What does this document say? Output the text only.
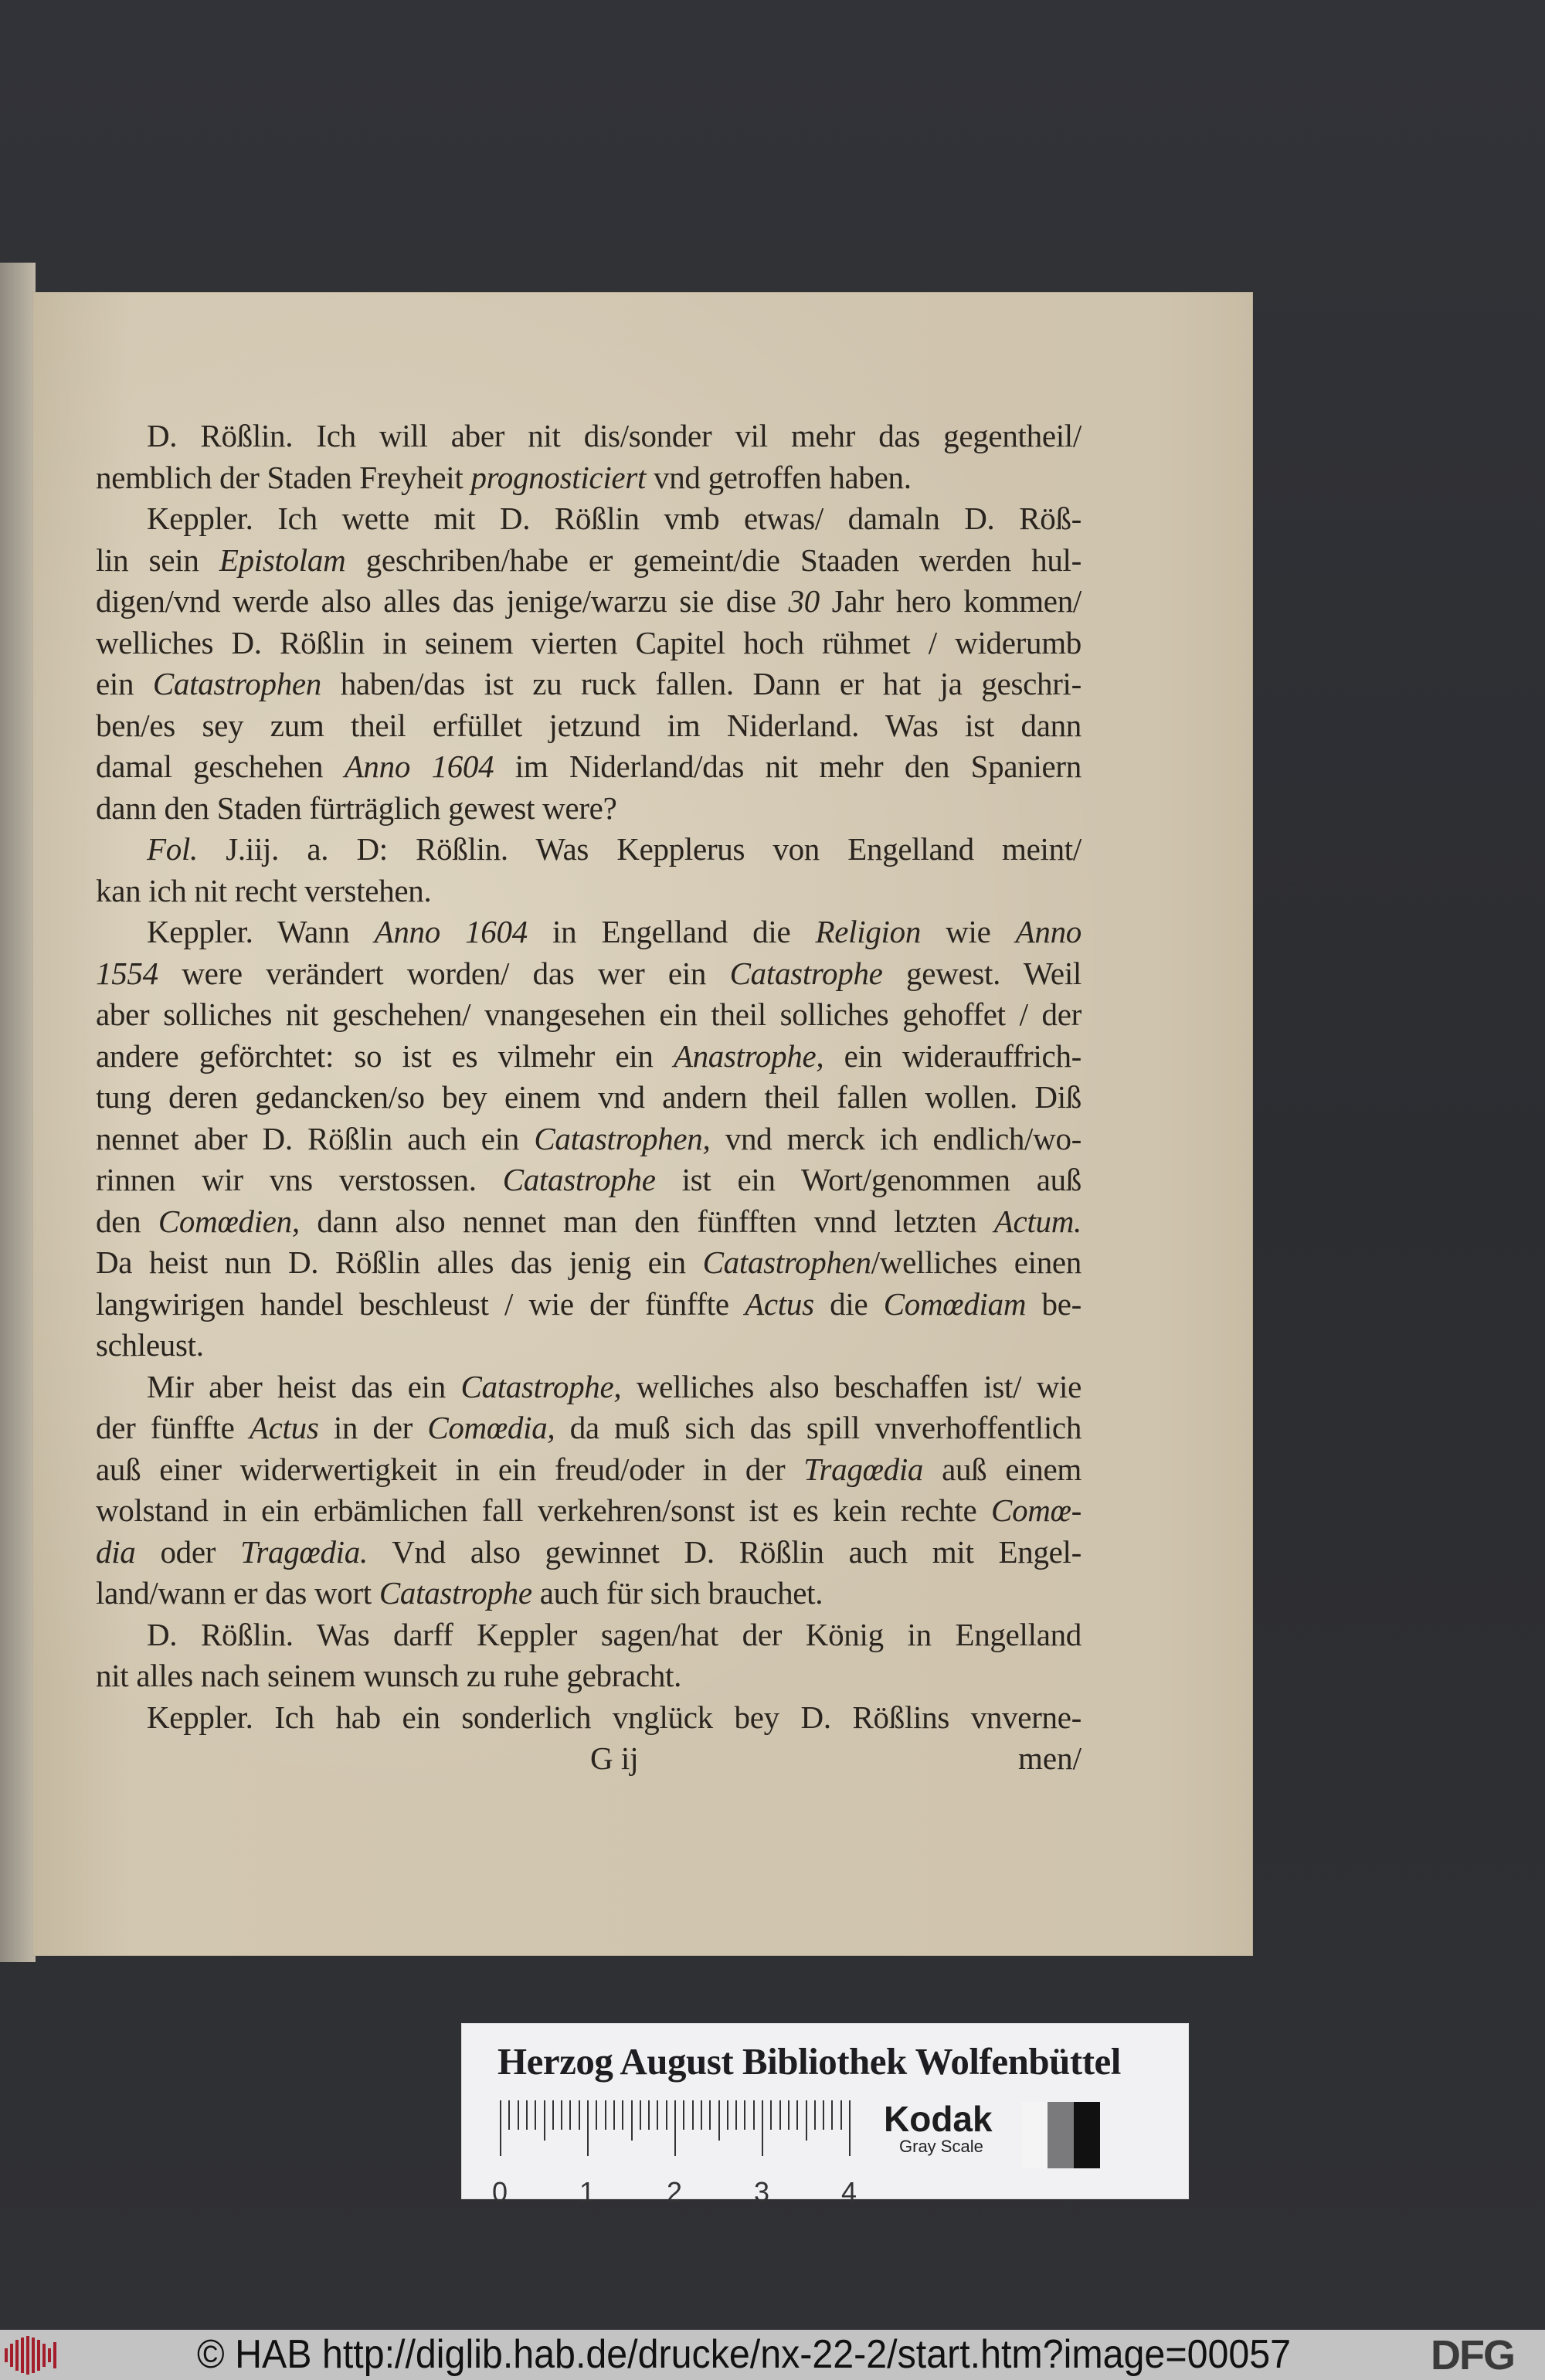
D. Rößlin. Ich will aber nit dis/sonder vil mehr das gegentheil/
nemblich der Staden Freyheit prognosticiert vnd getroffen haben.
Keppler. Ich wette mit D. Rößlin vmb etwas/ damaln D. Röß-
lin sein Epistolam geschriben/habe er gemeint/die Staaden werden hul-
digen/vnd werde also alles das jenige/warzu sie dise 30 Jahr hero kommen/
welliches D. Rößlin in seinem vierten Capitel hoch rühmet / widerumb
ein Catastrophen haben/das ist zu ruck fallen. Dann er hat ja geschri-
ben/es sey zum theil erfüllet jetzund im Niderland. Was ist dann
damal geschehen Anno 1604 im Niderland/das nit mehr den Spaniern
dann den Staden fürträglich gewest were?
Fol. J.iij. a. D: Rößlin. Was Kepplerus von Engelland meint/
kan ich nit recht verstehen.
Keppler. Wann Anno 1604 in Engelland die Religion wie Anno
1554 were verändert worden/ das wer ein Catastrophe gewest. Weil
aber solliches nit geschehen/ vnangesehen ein theil solliches gehoffet / der
andere geförchtet: so ist es vilmehr ein Anastrophe, ein widerauffrich-
tung deren gedancken/so bey einem vnd andern theil fallen wollen. Diß
nennet aber D. Rößlin auch ein Catastrophen, vnd merck ich endlich/wo-
rinnen wir vns verstossen. Catastrophe ist ein Wort/genommen auß
den Comœdien, dann also nennet man den fünfften vnnd letzten Actum.
Da heist nun D. Rößlin alles das jenig ein Catastrophen/welliches einen
langwirigen handel beschleust / wie der fünffte Actus die Comœdiam be-
schleust.
Mir aber heist das ein Catastrophe, welliches also beschaffen ist/ wie
der fünffte Actus in der Comœdia, da muß sich das spill vnverhoffentlich
auß einer widerwertigkeit in ein freud/oder in der Tragœdia auß einem
wolstand in ein erbämlichen fall verkehren/sonst ist es kein rechte Comœ-
dia oder Tragœdia. Vnd also gewinnet D. Rößlin auch mit Engel-
land/wann er das wort Catastrophe auch für sich brauchet.
D. Rößlin. Was darff Keppler sagen/hat der König in Engelland
nit alles nach seinem wunsch zu ruhe gebracht.
Keppler. Ich hab ein sonderlich vnglück bey D. Rößlins vnverne-
G ij	men/
Herzog August Bibliothek Wolfenbüttel
0	1	2	3	4
Kodak
Gray Scale
© HAB http://diglib.hab.de/drucke/nx-22-2/start.htm?image=00057	DFG
